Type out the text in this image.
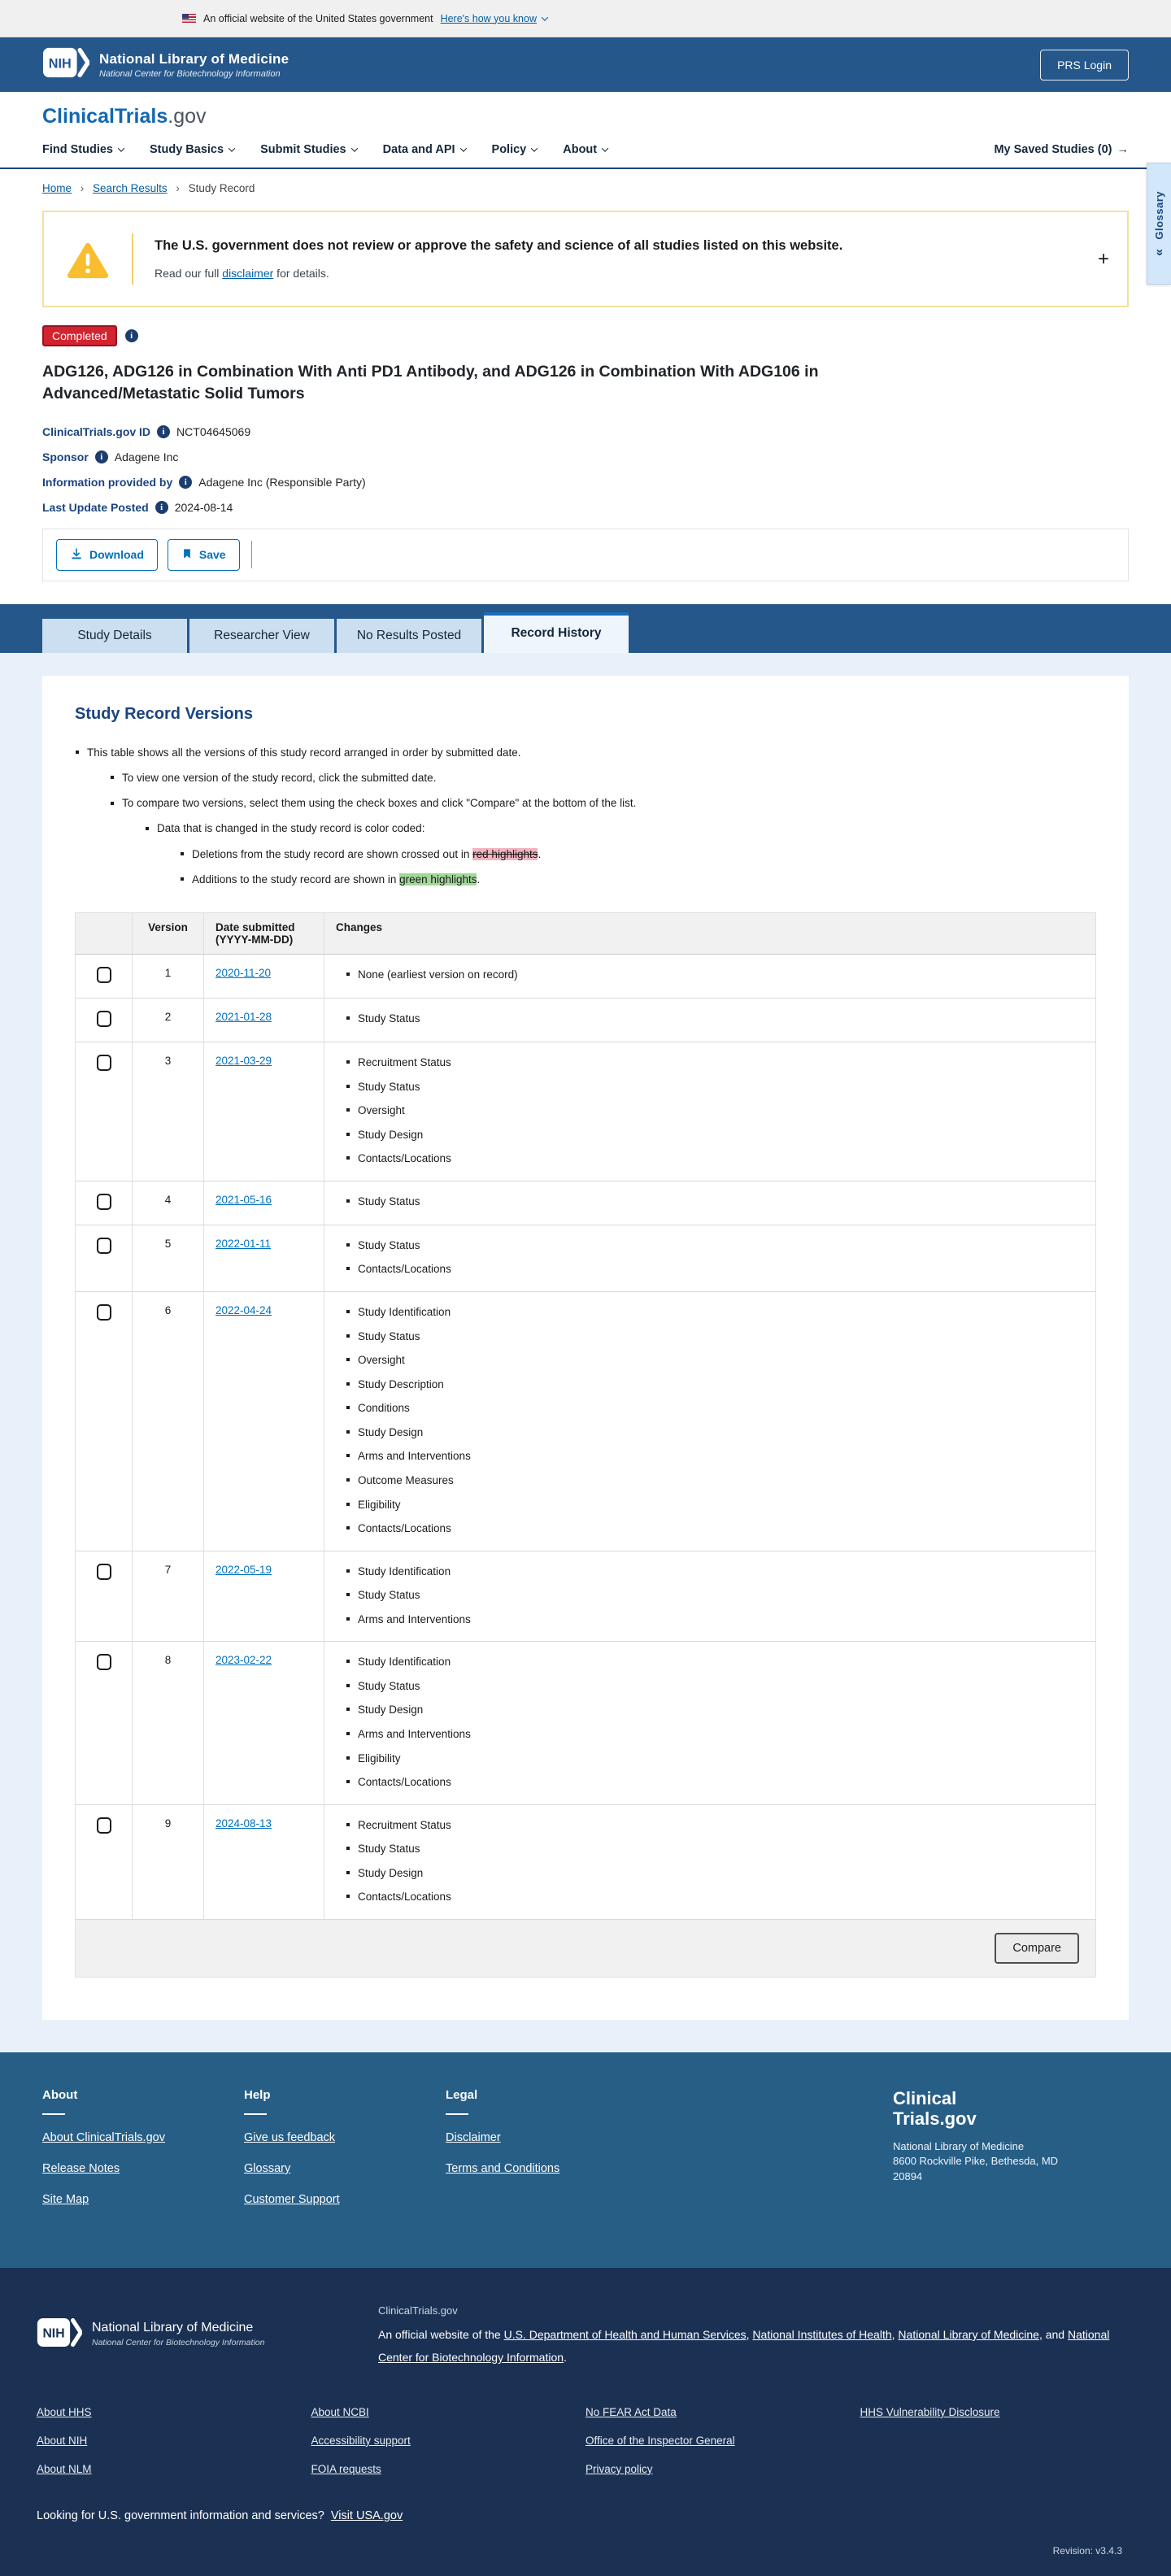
An official website of the United States government Here's how you know
NIH National Library of Medicine
National Center for Biotechnology Information
PRS Login
ClinicalTrials.gov
Find Studies	Study Basics	Submit Studies	Data and API	Policy	About	My Saved Studies (0) →
Glossary
«
Home › Search Results › Study Record

The U.S. government does not review or approve the safety and science of all studies listed on this website.

Read our full disclaimer for details.

+
Completed
i
ADG126, ADG126 in Combination With Anti PD1 Antibody, and ADG126 in Combination With ADG106 in Advanced/Metastatic Solid Tumors
ClinicalTrials.gov ID i NCT04645069
Sponsor i Adagene Inc
Information provided by i Adagene Inc (Responsible Party)
Last Update Posted i 2024-08-14
Download	Save
Study Details	Researcher View	No Results Posted	Record History
Study Record Versions
This table shows all the versions of this study record arranged in order by submitted date.
To view one version of the study record, click the submitted date.
To compare two versions, select them using the check boxes and click "Compare" at the bottom of the list.
Data that is changed in the study record is color coded:
Deletions from the study record are shown crossed out in red highlights.
Additions to the study record are shown in green highlights.
	Version	Date submitted
(YYYY-MM-DD)	Changes
	1	2020-11-20	None (earliest version on record)

	2	2021-01-28	Study Status

	3	2021-03-29	Recruitment Status
Study Status
Oversight
Study Design
Contacts/Locations

	4	2021-05-16	Study Status

	5	2022-01-11	Study Status
Contacts/Locations

	6	2022-04-24	Study Identification
Study Status
Oversight
Study Description
Conditions
Study Design
Arms and Interventions
Outcome Measures
Eligibility
Contacts/Locations

	7	2022-05-19	Study Identification
Study Status
Arms and Interventions

	8	2023-02-22	Study Identification
Study Status
Study Design
Arms and Interventions
Eligibility
Contacts/Locations

	9	2024-08-13	Recruitment Status
Study Status
Study Design
Contacts/Locations
Compare
About
About ClinicalTrials.gov
Release Notes
Site Map
Help
Give us feedback
Glossary
Customer Support
Legal
Disclaimer
Terms and Conditions
Clinical
Trials.gov
National Library of Medicine
8600 Rockville Pike, Bethesda, MD
20894
NIH National Library of Medicine
National Center for Biotechnology Information
ClinicalTrials.gov

An official website of the U.S. Department of Health and Human Services, National Institutes of Health, National Library of Medicine, and National Center for Biotechnology Information.

About HHS
About NIH
About NLM
About NCBI
Accessibility support
FOIA requests
No FEAR Act Data
Office of the Inspector General
Privacy policy
HHS Vulnerability Disclosure
Looking for U.S. government information and services? Visit USA.gov
Revision: v3.4.3
